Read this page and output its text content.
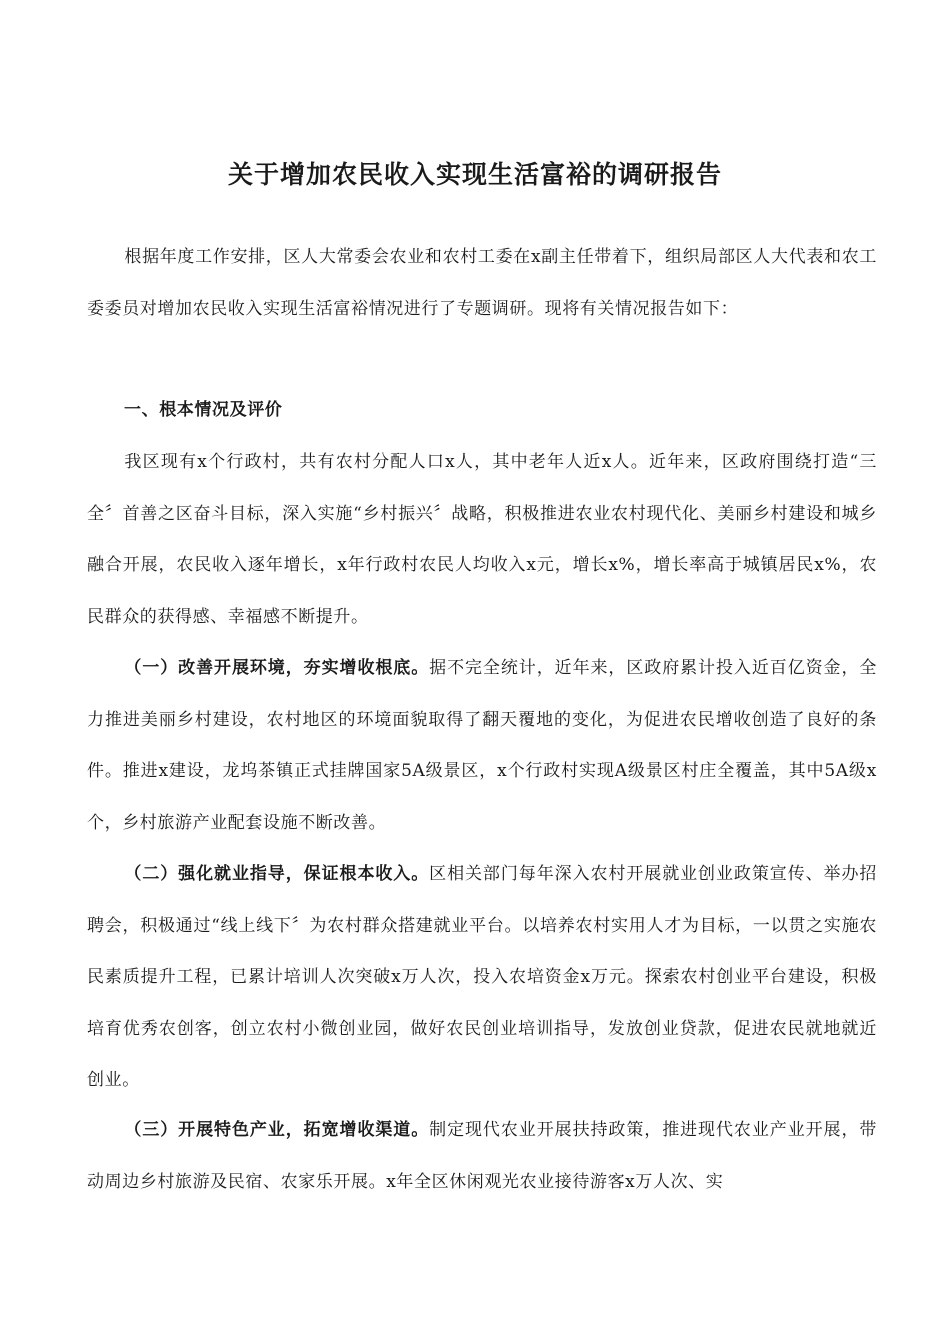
关于增加农民收入实现生活富裕的调研报告

根据年度工作安排，区人大常委会农业和农村工委在x副主任带着下，组织局部区人大代表和农工委委员对增加农民收入实现生活富裕情况进行了专题调研。现将有关情况报告如下：

一、根本情况及评价

我区现有x个行政村，共有农村分配人口x人，其中老年人近x人。近年来，区政府围绕打造“三全〞首善之区奋斗目标，深入实施“乡村振兴〞战略，积极推进农业农村现代化、美丽乡村建设和城乡融合开展，农民收入逐年增长，x年行政村农民人均收入x元，增长x%，增长率高于城镇居民x%，农民群众的获得感、幸福感不断提升。

（一）改善开展环境，夯实增收根底。据不完全统计，近年来，区政府累计投入近百亿资金，全力推进美丽乡村建设，农村地区的环境面貌取得了翻天覆地的变化，为促进农民增收创造了良好的条件。推进x建设，龙坞茶镇正式挂牌国家5A级景区，x个行政村实现A级景区村庄全覆盖，其中5A级x个，乡村旅游产业配套设施不断改善。

（二）强化就业指导，保证根本收入。区相关部门每年深入农村开展就业创业政策宣传、举办招聘会，积极通过“线上线下〞为农村群众搭建就业平台。以培养农村实用人才为目标，一以贯之实施农民素质提升工程，已累计培训人次突破x万人次，投入农培资金x万元。探索农村创业平台建设，积极培育优秀农创客，创立农村小微创业园，做好农民创业培训指导，发放创业贷款，促进农民就地就近创业。

（三）开展特色产业，拓宽增收渠道。制定现代农业开展扶持政策，推进现代农业产业开展，带动周边乡村旅游及民宿、农家乐开展。x年全区休闲观光农业接待游客x万人次、实
